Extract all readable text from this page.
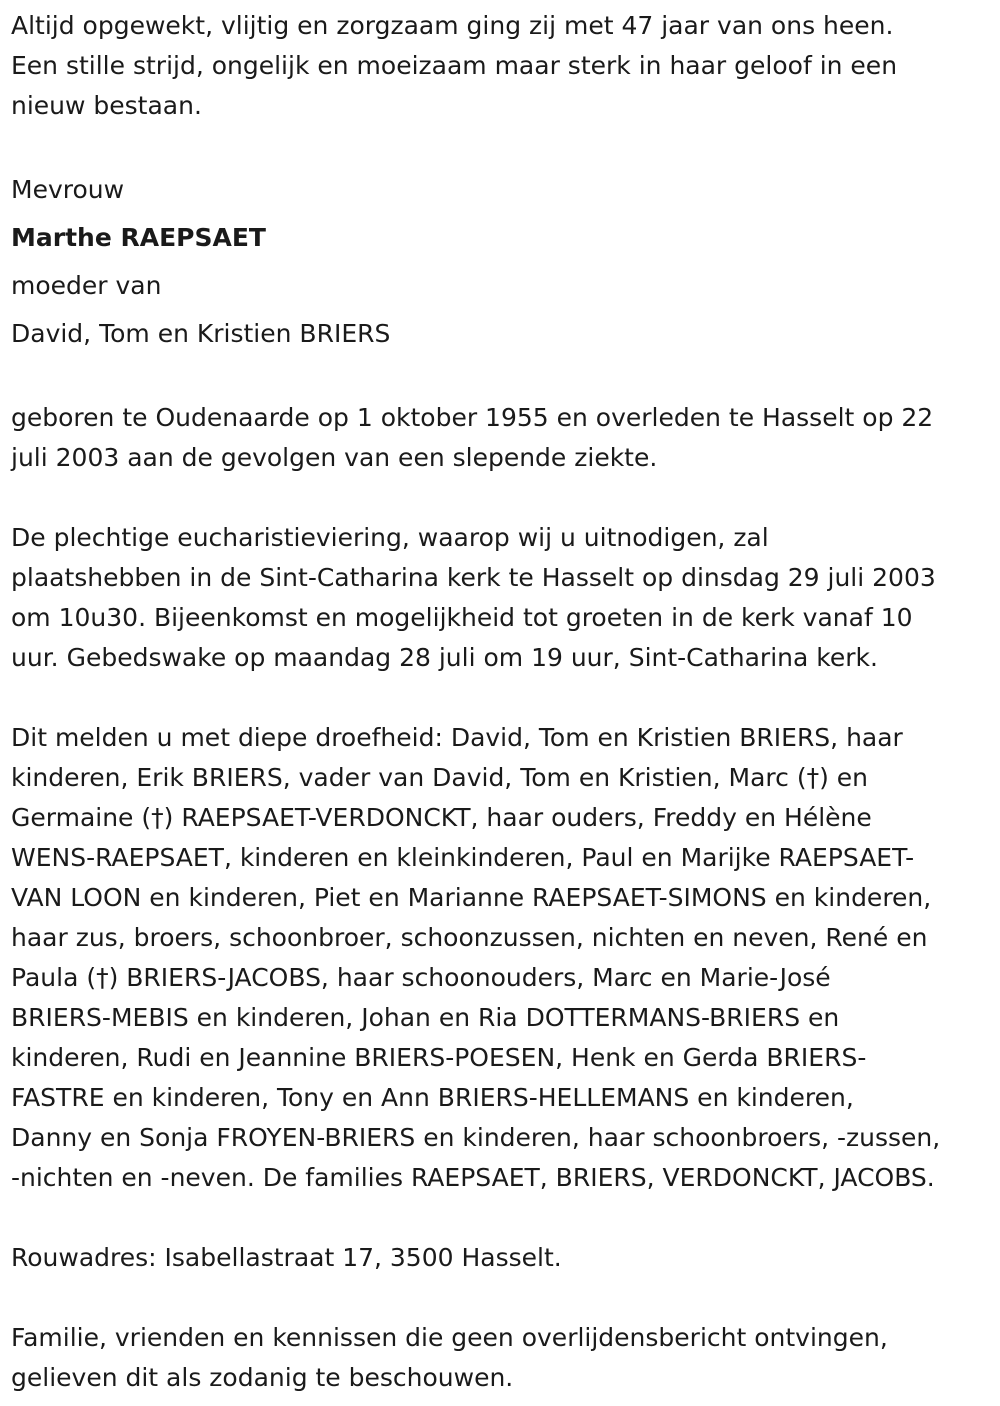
Altijd opgewekt, vlijtig en zorgzaam ging zij met 47 jaar van ons heen.
Een stille strijd, ongelijk en moeizaam maar sterk in haar geloof in een
nieuw bestaan.
Mevrouw
Marthe RAEPSAET
moeder van
David, Tom en Kristien BRIERS
geboren te Oudenaarde op 1 oktober 1955 en overleden te Hasselt op 22
juli 2003 aan de gevolgen van een slepende ziekte.
De plechtige eucharistieviering, waarop wij u uitnodigen, zal
plaatshebben in de Sint-Catharina kerk te Hasselt op dinsdag 29 juli 2003
om 10u30. Bijeenkomst en mogelijkheid tot groeten in de kerk vanaf 10
uur. Gebedswake op maandag 28 juli om 19 uur, Sint-Catharina kerk.
Dit melden u met diepe droefheid: David, Tom en Kristien BRIERS, haar
kinderen, Erik BRIERS, vader van David, Tom en Kristien, Marc (†) en
Germaine (†) RAEPSAET-VERDONCKT, haar ouders, Freddy en Hélène
WENS-RAEPSAET, kinderen en kleinkinderen, Paul en Marijke RAEPSAET-
VAN LOON en kinderen, Piet en Marianne RAEPSAET-SIMONS en kinderen,
haar zus, broers, schoonbroer, schoonzussen, nichten en neven, René en
Paula (†) BRIERS-JACOBS, haar schoonouders, Marc en Marie-José
BRIERS-MEBIS en kinderen, Johan en Ria DOTTERMANS-BRIERS en
kinderen, Rudi en Jeannine BRIERS-POESEN, Henk en Gerda BRIERS-
FASTRE en kinderen, Tony en Ann BRIERS-HELLEMANS en kinderen,
Danny en Sonja FROYEN-BRIERS en kinderen, haar schoonbroers, -zussen,
-nichten en -neven. De families RAEPSAET, BRIERS, VERDONCKT, JACOBS.
Rouwadres: Isabellastraat 17, 3500 Hasselt.
Familie, vrienden en kennissen die geen overlijdensbericht ontvingen,
gelieven dit als zodanig te beschouwen.
